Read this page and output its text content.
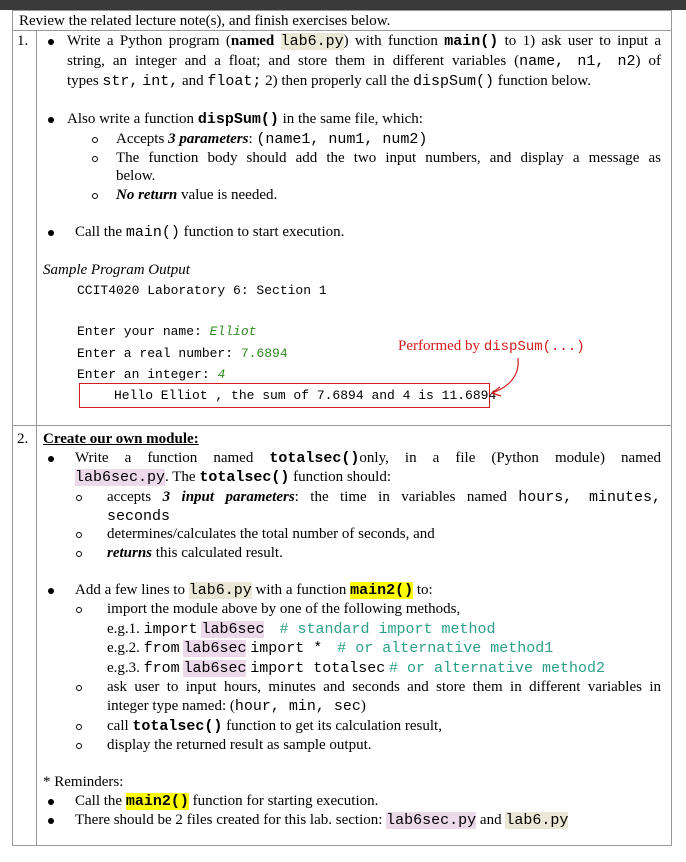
Review the related lecture note(s), and finish exercises below.
1.	Write a Python program (named lab6.py) with function main() to 1) ask user to input a
string, an integer and a float; and store them in different variables (name, n1, n2) of
types str, int, and float; 2) then properly call the dispSum() function below.
Also write a function dispSum() in the same file, which:
Accepts 3 parameters: (name1, num1, num2)
The function body should add the two input numbers, and display a message as
below.
No return value is needed.
Call the main() function to start execution.
Sample Program Output
CCIT4020 Laboratory 6: Section 1
Enter your name: Elliot
Enter a real number: 7.6894
Enter an integer: 4
Hello Elliot , the sum of 7.6894 and 4 is 11.6894
Performed by dispSum(...)
2. Create our own module:
Write a function named totalsec()only, in a file (Python module) named
lab6sec.py. The totalsec() function should:
accepts 3 input parameters: the time in variables named hours, minutes,
seconds
determines/calculates the total number of seconds, and
returns this calculated result.
Add a few lines to lab6.py with a function main2() to:
import the module above by one of the following methods,
e.g.1. import lab6sec # standard import method
e.g.2. from lab6sec import * # or alternative method1
e.g.3. from lab6sec import totalsec # or alternative method2
ask user to input hours, minutes and seconds and store them in different variables in
integer type named: (hour, min, sec)
call totalsec() function to get its calculation result,
display the returned result as sample output.
* Reminders:
Call the main2() function for starting execution.
There should be 2 files created for this lab. section: lab6sec.py and lab6.py
